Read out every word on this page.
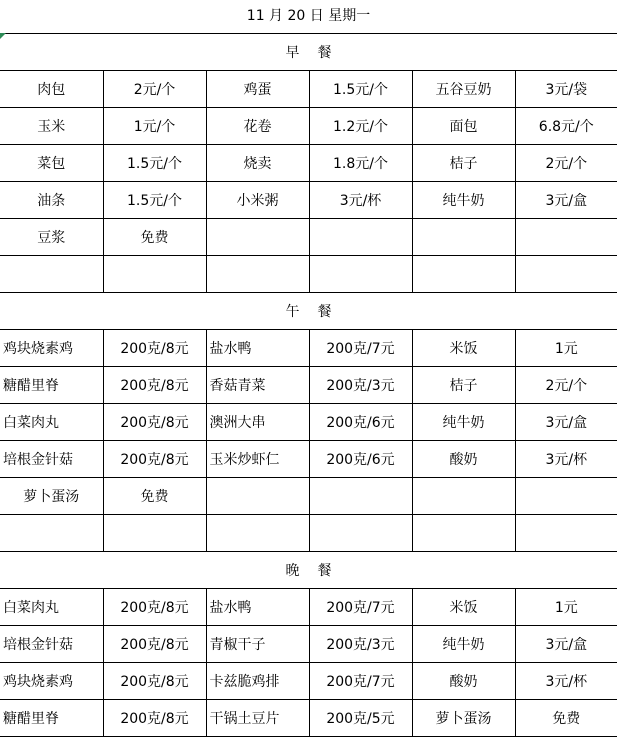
11 月 20 日 星期一
早餐					
肉包	2元/个	鸡蛋	1.5元/个	五谷豆奶	3元/袋
玉米	1元/个	花卷	1.2元/个	面包	6.8元/个
菜包	1.5元/个	烧卖	1.8元/个	桔子	2元/个
油条	1.5元/个	小米粥	3元/杯	纯牛奶	3元/盒
豆浆	免费				

午餐					
鸡块烧素鸡	200克/8元	盐水鸭	200克/7元	米饭	1元
糖醋里脊	200克/8元	香菇青菜	200克/3元	桔子	2元/个
白菜肉丸	200克/8元	澳洲大串	200克/6元	纯牛奶	3元/盒
培根金针菇	200克/8元	玉米炒虾仁	200克/6元	酸奶	3元/杯
萝卜蛋汤	免费				

晚餐					
白菜肉丸	200克/8元	盐水鸭	200克/7元	米饭	1元
培根金针菇	200克/8元	青椒干子	200克/3元	纯牛奶	3元/盒
鸡块烧素鸡	200克/8元	卡兹脆鸡排	200克/7元	酸奶	3元/杯
糖醋里脊	200克/8元	干锅土豆片	200克/5元	萝卜蛋汤	免费
